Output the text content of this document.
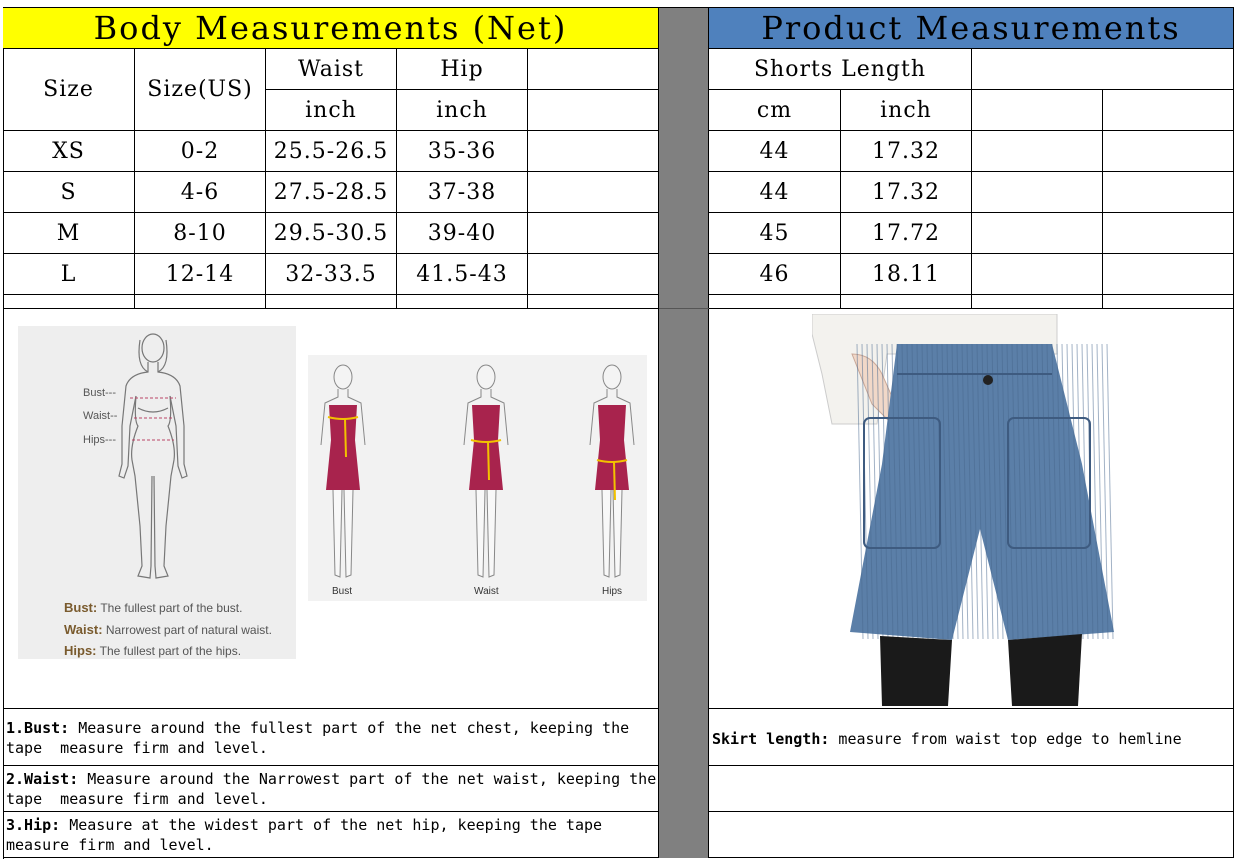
Body Measurements (Net)	Product Measurements
Size	Size(US)
Waist	Hip
inch	inch
XS	0-2	25.5-26.5	35-36
S	4-6	27.5-28.5	37-38
M	8-10	29.5-30.5	39-40
L	12-14	32-33.5	41.5-43
Shorts Length
cm	inch
44	17.32
44	17.32
45	17.72
46	18.11
Bust---
Waist--
Hips---
Bust: The fullest part of the bust.
Waist: Narrowest part of natural waist.
Hips: The fullest part of the hips.
Bust	Waist	Hips
1.Bust: Measure around the fullest part of the net chest, keeping the tape  measure firm and level.
2.Waist: Measure around the Narrowest part of the net waist, keeping the tape  measure firm and level.
3.Hip: Measure at the widest part of the net hip, keeping the tape measure firm and level.
Skirt length: measure from waist top edge to hemline
